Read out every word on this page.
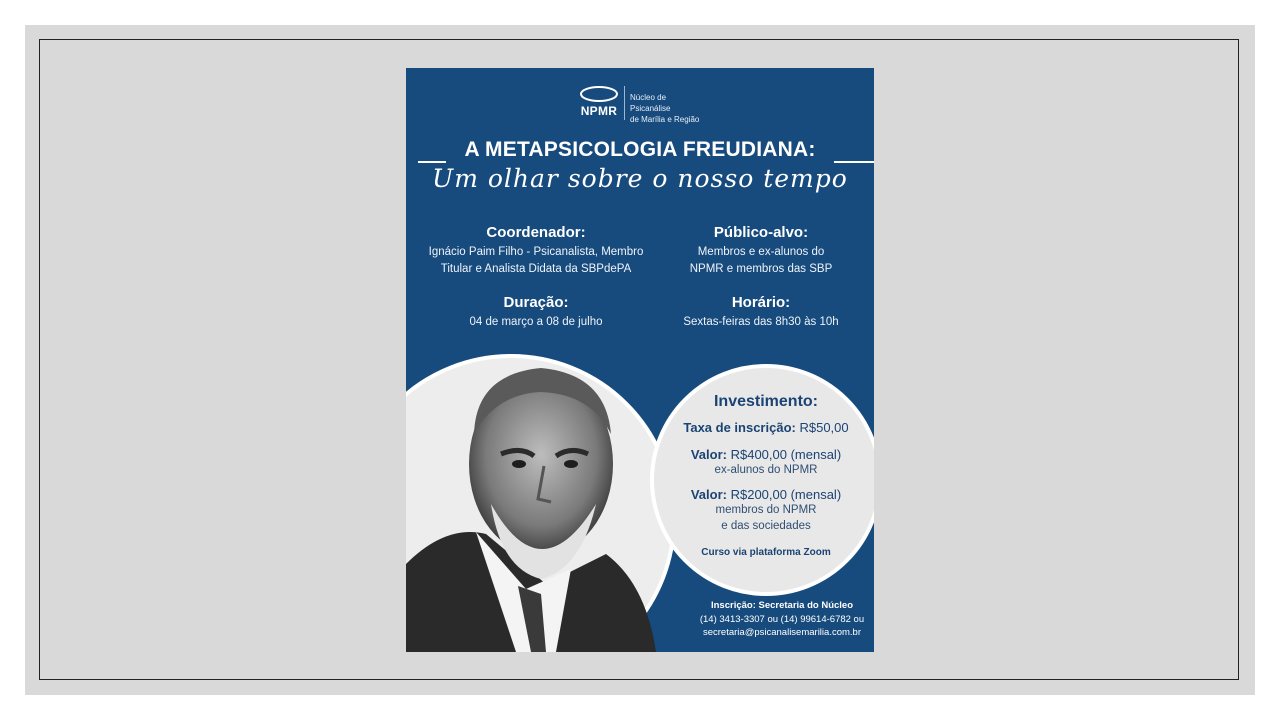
NPMR
Núcleo de Psicanálise
de Marília e Região
A METAPSICOLOGIA FREUDIANA:
Um olhar sobre o nosso tempo
Coordenador:
Ignácio Paim Filho - Psicanalista, Membro
Titular e Analista Didata da SBPdePA
Público-alvo:
Membros e ex-alunos do
NPMR e membros das SBP
Duração:
04 de março a 08 de julho
Horário:
Sextas-feiras das 8h30 às 10h
Investimento:
Taxa de inscrição: R$50,00
Valor: R$400,00 (mensal)
ex-alunos do NPMR
Valor: R$200,00 (mensal)
membros do NPMR
e das sociedades
Curso via plataforma Zoom
Inscrição: Secretaria do Núcleo
(14) 3413-3307 ou (14) 99614-6782 ou
secretaria@psicanalisemarilia.com.br
